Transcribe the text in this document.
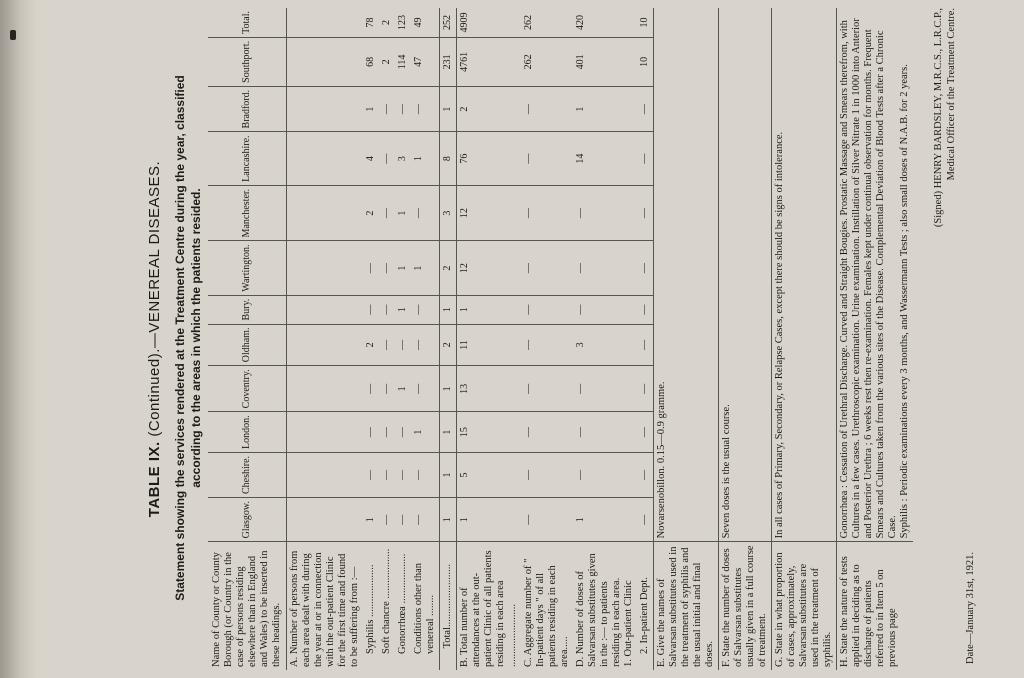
TABLE IX. (Continued).—VENEREAL DISEASES. Statement showing the services rendered at the Treatment Centre during the year, classified according to the areas in which the patients resided.
Name of County or County Borough (or Country in the case of persons residing elsewhere than in England and Wales) to be inserted in these headings.	Glasgow.	Cheshire.	London.	Coventry.	Oldham.	Bury.	Wartington.	Manchester.	Lancashire.	Bradford.	Southport.	Total.
A. Number of persons from each area dealt with during the year at or in connection with the out-patient Clinic for the first time and found to be suffering from :—												
Syphilis ....................	1	—	—	—	2	—	—	2	4	1	68	78
Soft chancre ...................	—	—	—	—	—	—	—	—	—	—	2	2
Gonorrhœa ...................	—	—	—	1	—	1	1	1	3	—	114	123
Conditions other than venereal ........	—	—	1	—	—	—	1	—	1	—	47	49
Total........................	1	1	1	1	2	1	2	3	8	1	231	252
B. Total number of attendances at the out-patient Clinic of all patients residing in each area ........................	1	5	15	13	11	1	12	12	76	2	4761	4909
C. Aggregate number of " In-patient days " of all patients residing in each area.....	—	—	—	—	—	—	—	—	—	—	262	262
D. Number of doses of Salvarsan substitutes given in the :— to patients residing in each area.
1. Out-patient Clinic	1	—	—	—	3	—	—	—	14	1	401	420
2. In-patient Dept.	—	—	—	—	—	—	—	—	—	—	10	10
E. Give the names of Salvarsan substitutes used in the treatment of syphilis and the usual initial and final doses.	Novarsenobillon. 0.15—0.9 gramme.											
F. State the number of doses of Salvarsan substitutes usually given in a full course of treatment.	Seven doses is the usual course.											
G. State in what proportion of cases, approximately, Salvarsan substitutes are used in the treatment of syphilis.	In all cases of Primary, Secondary, or Relapse Cases, except there should be signs of intolerance.											
H. State the nature of tests applied in deciding as to discharge of patients referred to in Item 5 on previous page	Gonorrhœa : Cessation of Urethral Discharge. Curved and Straight Bougies. Prostatic Massage and Smears therefrom, with Cultures in a few cases. Urethroscopic examination. Urine examination. Instillation of Silver Nitrate 1 in 1000 into Anterior and Posterior Urethra ; 6 weeks rest then re-examination. Females kept under continual observation for months. Frequent Smears and Cultures taken from the various sites of the Disease. Complemental Deviation of Blood Tests after a Chronic Case. Syphilis : Periodic examinations every 3 months, and Wassermann Tests ; also small doses of N.A.B. for 2 years.											(Signed) HENRY BARDSLEY, M.R.C.S., L.R.C.P., Medical Officer of the Treatment Centre.
Date—January 31st, 1921.
